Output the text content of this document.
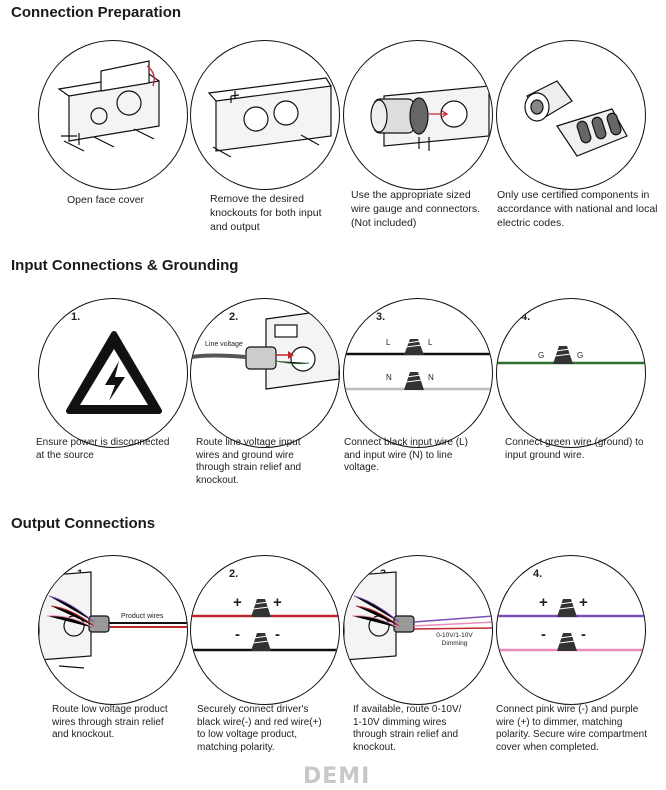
Connection Preparation
Open face cover	Remove the desired knockouts for both input and output
Use the appropriate sized wire gauge and connectors. (Not included)
Only use certified components in accordance with national and local electric codes.
Input Connections & Grounding
1.
Ensure power is disconnected at the source
2.
Line voltage
Route line voltage input wires and ground wire through strain relief and knockout.
3.
L	L
N	N
Connect black input wire (L) and input wire (N) to line voltage.
4.
G	G
Connect green wire (ground) to input ground wire.
Output Connections
Product wires
Route low voltage product wires through strain relief and knockout.
2.
+ +
- -
Securely connect driver's black wire(-) and red wire(+) to low voltage product, matching polarity.
0-10V/1-10V Dimming
If available, route 0-10V/ 1-10V dimming wires through strain relief and knockout.
4.
+ +
- -
Connect pink wire (-) and purple wire (+) to dimmer, matching polarity. Secure wire compartment cover when completed.
DEMI
